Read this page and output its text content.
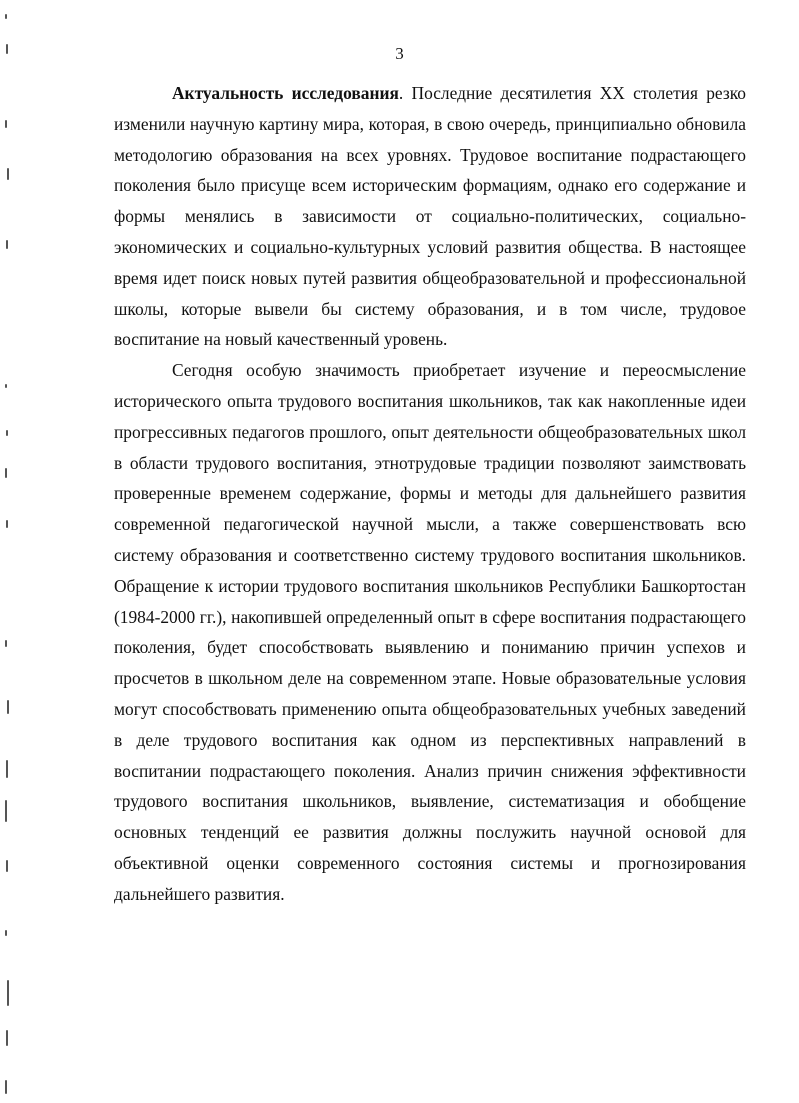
3

Актуальность исследования. Последние десятилетия XX столетия резко изменили научную картину мира, которая, в свою очередь, принципиально обновила методологию образования на всех уровнях. Трудовое воспитание подрастающего поколения было присуще всем историческим формациям, однако его содержание и формы менялись в зависимости от социально-политических, социально-экономических и социально-культурных условий развития общества. В настоящее время идет поиск новых путей развития общеобразовательной и профессиональной школы, которые вывели бы систему образования, и в том числе, трудовое воспитание на новый качественный уровень.

Сегодня особую значимость приобретает изучение и переосмысление исторического опыта трудового воспитания школьников, так как накопленные идеи прогрессивных педагогов прошлого, опыт деятельности общеобразовательных школ в области трудового воспитания, этнотрудовые традиции позволяют заимствовать проверенные временем содержание, формы и методы для дальнейшего развития современной педагогической научной мысли, а также совершенствовать всю систему образования и соответственно систему трудового воспитания школьников. Обращение к истории трудового воспитания школьников Республики Башкортостан (1984-2000 гг.), накопившей определенный опыт в сфере воспитания подрастающего поколения, будет способствовать выявлению и пониманию причин успехов и просчетов в школьном деле на современном этапе. Новые образовательные условия могут способствовать применению опыта общеобразовательных учебных заведений в деле трудового воспитания как одном из перспективных направлений в воспитании подрастающего поколения. Анализ причин снижения эффективности трудового воспитания школьников, выявление, систематизация и обобщение основных тенденций ее развития должны послужить научной основой для объективной оценки современного состояния системы и прогнозирования дальнейшего развития.
